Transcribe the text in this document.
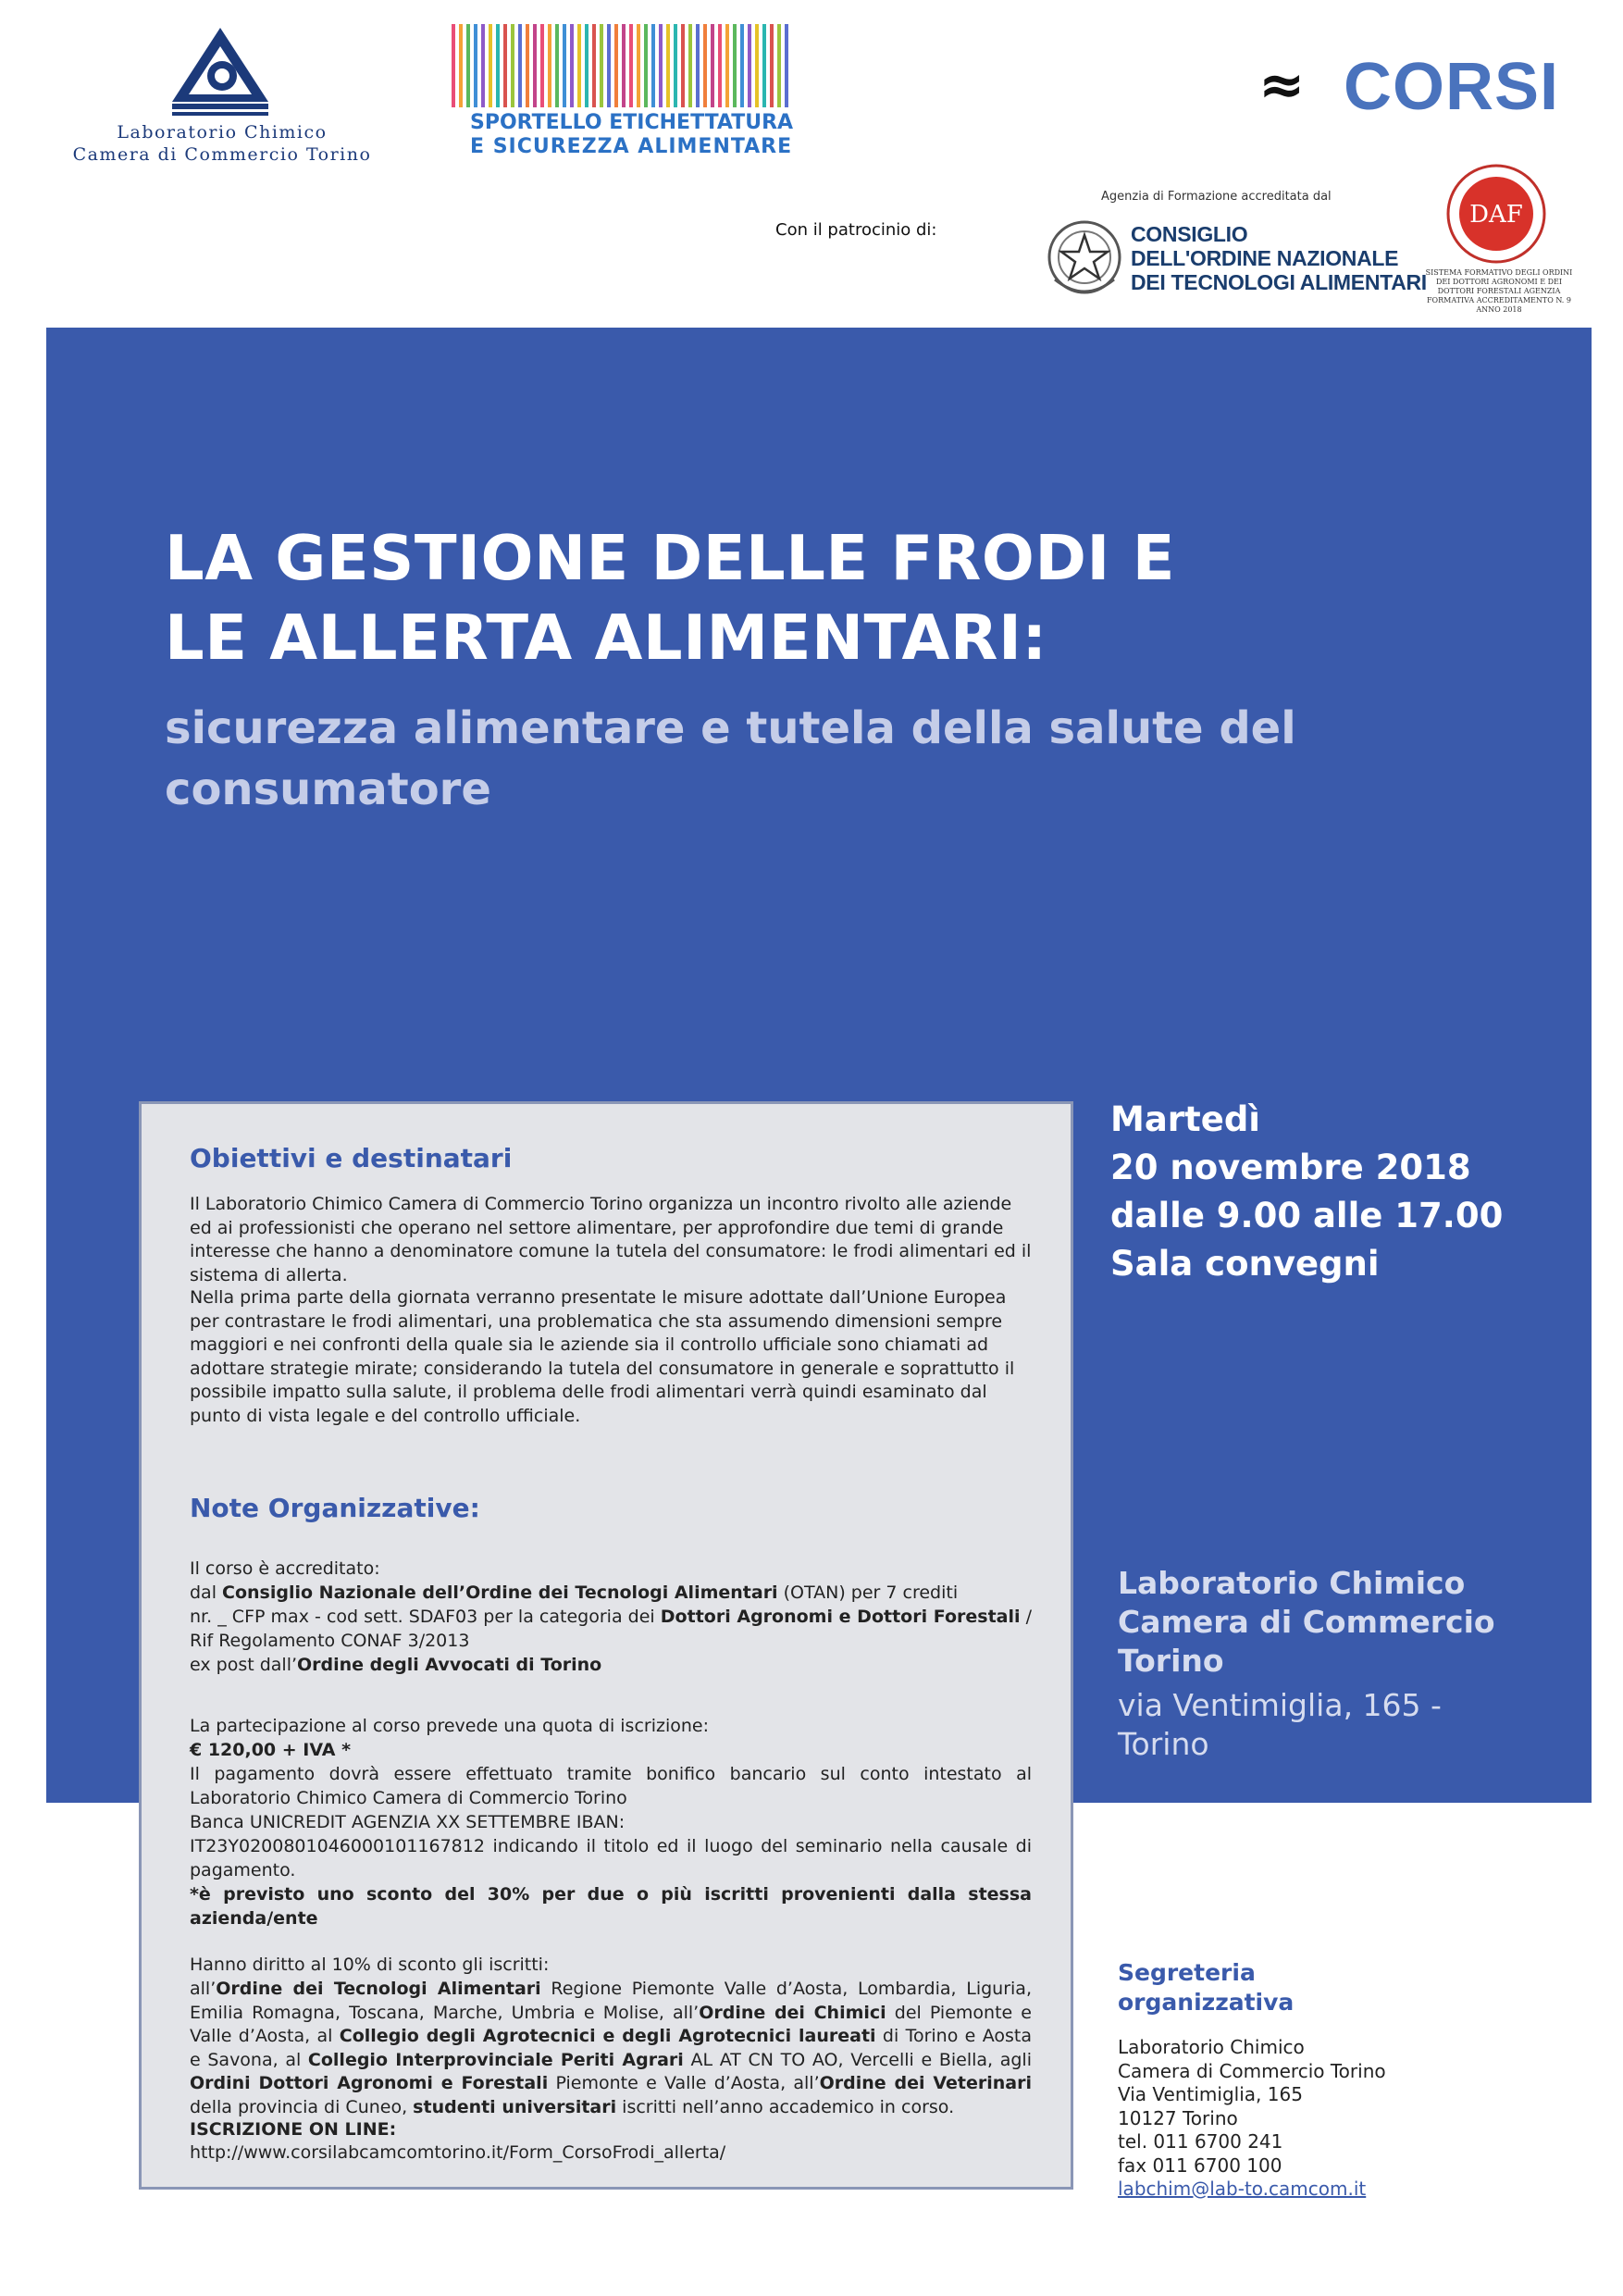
Laboratorio Chimico
Camera di Commercio Torino
SPORTELLO ETICHETTATURA
E SICUREZZA ALIMENTARE
≈ CORSI
Con il patrocinio di:
Agenzia di Formazione accreditata dal
CONSIGLIO
DELL'ORDINE NAZIONALE
DEI TECNOLOGI ALIMENTARI
DAF
SISTEMA FORMATIVO DEGLI ORDINI DEI DOTTORI AGRONOMI E DEI DOTTORI FORESTALI AGENZIA FORMATIVA ACCREDITAMENTO N. 9 ANNO 2018
LA GESTIONE DELLE FRODI E
LE ALLERTA ALIMENTARI:
sicurezza alimentare e tutela della salute del
consumatore
Martedì
20 novembre 2018
dalle 9.00 alle 17.00
Sala convegni
Laboratorio Chimico
Camera di Commercio
Torino
via Ventimiglia, 165 -
Torino
Obiettivi e destinatari

Il Laboratorio Chimico Camera di Commercio Torino organizza un incontro rivolto alle aziende ed ai professionisti che operano nel settore alimentare, per approfondire due temi di grande interesse che hanno a denominatore comune la tutela del consumatore: le frodi alimentari ed il sistema di allerta.

Nella prima parte della giornata verranno presentate le misure adottate dall’Unione Europea per contrastare le frodi alimentari, una problematica che sta assumendo dimensioni sempre maggiori e nei confronti della quale sia le aziende sia il controllo ufficiale sono chiamati ad adottare strategie mirate; considerando la tutela del consumatore in generale e soprattutto il possibile impatto sulla salute, il problema delle frodi alimentari verrà quindi esaminato dal punto di vista legale e del controllo ufficiale.

Note Organizzative:

Il corso è accreditato:

dal Consiglio Nazionale dell’Ordine dei Tecnologi Alimentari (OTAN) per 7 crediti

nr. _ CFP max - cod sett. SDAF03 per la categoria dei Dottori Agronomi e Dottori Forestali / Rif Regolamento CONAF 3/2013

ex post dall’Ordine degli Avvocati di Torino

La partecipazione al corso prevede una quota di iscrizione:

€ 120,00 + IVA *

Il pagamento dovrà essere effettuato tramite bonifico bancario sul conto intestato al Laboratorio Chimico Camera di Commercio Torino

Banca UNICREDIT AGENZIA XX SETTEMBRE IBAN:

IT23Y0200801046000101167812 indicando il titolo ed il luogo del seminario nella causale di pagamento.

*è previsto uno sconto del 30% per due o più iscritti provenienti dalla stessa azienda/ente

Hanno diritto al 10% di sconto gli iscritti:

all’Ordine dei Tecnologi Alimentari Regione Piemonte Valle d’Aosta, Lombardia, Liguria, Emilia Romagna, Toscana, Marche, Umbria e Molise, all’Ordine dei Chimici del Piemonte e Valle d’Aosta, al Collegio degli Agrotecnici e degli Agrotecnici laureati di Torino e Aosta e Savona, al Collegio Interprovinciale Periti Agrari AL AT CN TO AO, Vercelli e Biella, agli Ordini Dottori Agronomi e Forestali Piemonte e Valle d’Aosta, all’Ordine dei Veterinari della provincia di Cuneo, studenti universitari iscritti nell’anno accademico in corso.

ISCRIZIONE ON LINE:

http://www.corsilabcamcomtorino.it/Form_CorsoFrodi_allerta/

Segreteria
organizzativa
Laboratorio Chimico
Camera di Commercio Torino
Via Ventimiglia, 165
10127 Torino
tel. 011 6700 241
fax 011 6700 100
labchim@lab-to.camcom.it
